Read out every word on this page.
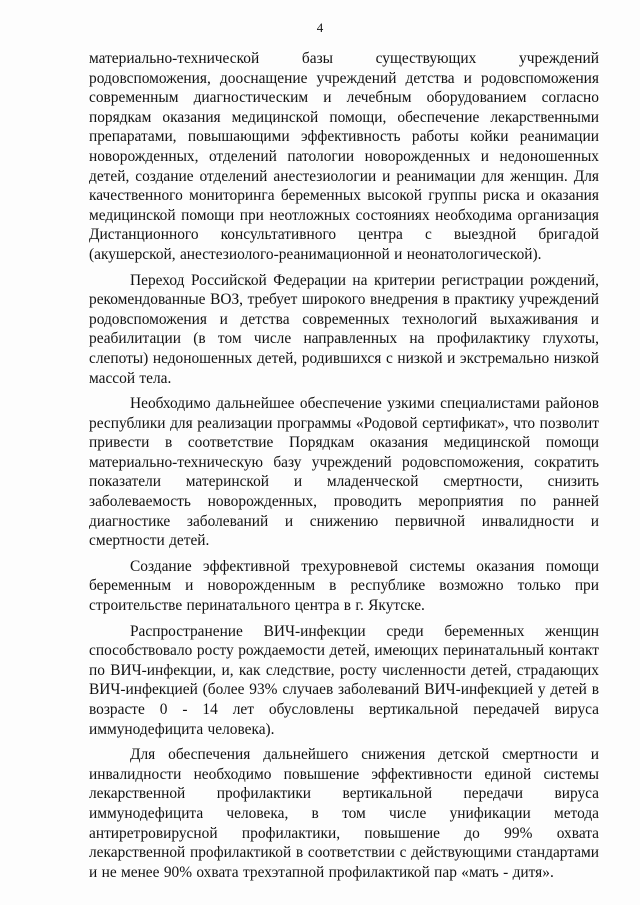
4

материально-технической базы существующих учреждений родовспоможения, дооснащение учреждений детства и родовспоможения современным диагностическим и лечебным оборудованием согласно порядкам оказания медицинской помощи, обеспечение лекарственными препаратами, повышающими эффективность работы койки реанимации новорожденных, отделений патологии новорожденных и недоношенных детей, создание отделений анестезиологии и реанимации для женщин. Для качественного мониторинга беременных высокой группы риска и оказания медицинской помощи при неотложных состояниях необходима организация Дистанционного консультативного центра с выездной бригадой (акушерской, анестезиолого-реанимационной и неонатологической).

Переход Российской Федерации на критерии регистрации рождений, рекомендованные ВОЗ, требует широкого внедрения в практику учреждений родовспоможения и детства современных технологий выхаживания и реабилитации (в том числе направленных на профилактику глухоты, слепоты) недоношенных детей, родившихся с низкой и экстремально низкой массой тела.

Необходимо дальнейшее обеспечение узкими специалистами районов республики для реализации программы «Родовой сертификат», что позволит привести в соответствие Порядкам оказания медицинской помощи материально-техническую базу учреждений родовспоможения, сократить показатели материнской и младенческой смертности, снизить заболеваемость новорожденных, проводить мероприятия по ранней диагностике заболеваний и снижению первичной инвалидности и смертности детей.

Создание эффективной трехуровневой системы оказания помощи беременным и новорожденным в республике возможно только при строительстве перинатального центра в г. Якутске.

Распространение ВИЧ-инфекции среди беременных женщин способствовало росту рождаемости детей, имеющих перинатальный контакт по ВИЧ-инфекции, и, как следствие, росту численности детей, страдающих ВИЧ-инфекцией (более 93% случаев заболеваний ВИЧ-инфекцией у детей в возрасте 0 - 14 лет обусловлены вертикальной передачей вируса иммунодефицита человека).

Для обеспечения дальнейшего снижения детской смертности и инвалидности необходимо повышение эффективности единой системы лекарственной профилактики вертикальной передачи вируса иммунодефицита человека, в том числе унификации метода антиретровирусной профилактики, повышение до 99% охвата лекарственной профилактикой в соответствии с действующими стандартами и не менее 90% охвата трехэтапной профилактикой пар «мать - дитя».
